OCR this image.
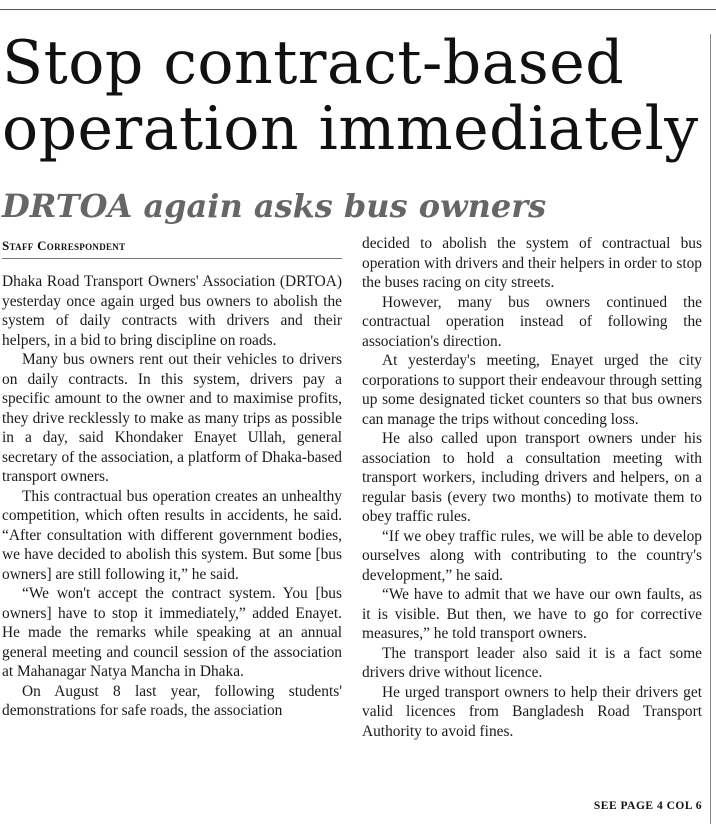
Stop contract-based operation immediately
DRTOA again asks bus owners
Staff Correspondent

Dhaka Road Transport Owners' Association (DRTOA) yesterday once again urged bus owners to abolish the system of daily contracts with drivers and their helpers, in a bid to bring discipline on roads.

Many bus owners rent out their vehicles to drivers on daily contracts. In this system, drivers pay a specific amount to the owner and to maximise profits, they drive recklessly to make as many trips as possible in a day, said Khondaker Enayet Ullah, general secretary of the association, a platform of Dhaka-based transport owners.

This contractual bus operation creates an unhealthy competition, which often results in accidents, he said. “After consultation with different government bodies, we have decided to abolish this system. But some [bus owners] are still following it,” he said.

“We won't accept the contract system. You [bus owners] have to stop it immediately,” added Enayet. He made the remarks while speaking at an annual general meeting and council session of the association at Mahanagar Natya Mancha in Dhaka.

On August 8 last year, following students' demonstrations for safe roads, the association

decided to abolish the system of contractual bus operation with drivers and their helpers in order to stop the buses racing on city streets.

However, many bus owners continued the contractual operation instead of following the association's direction.

At yesterday's meeting, Enayet urged the city corporations to support their endeavour through setting up some designated ticket counters so that bus owners can manage the trips without conceding loss.

He also called upon transport owners under his association to hold a consultation meeting with transport workers, including drivers and helpers, on a regular basis (every two months) to motivate them to obey traffic rules.

“If we obey traffic rules, we will be able to develop ourselves along with contributing to the country's development,” he said.

“We have to admit that we have our own faults, as it is visible. But then, we have to go for corrective measures,” he told transport owners.

The transport leader also said it is a fact some drivers drive without licence.

He urged transport owners to help their drivers get valid licences from Bangladesh Road Transport Authority to avoid fines.

SEE PAGE 4 COL 6
